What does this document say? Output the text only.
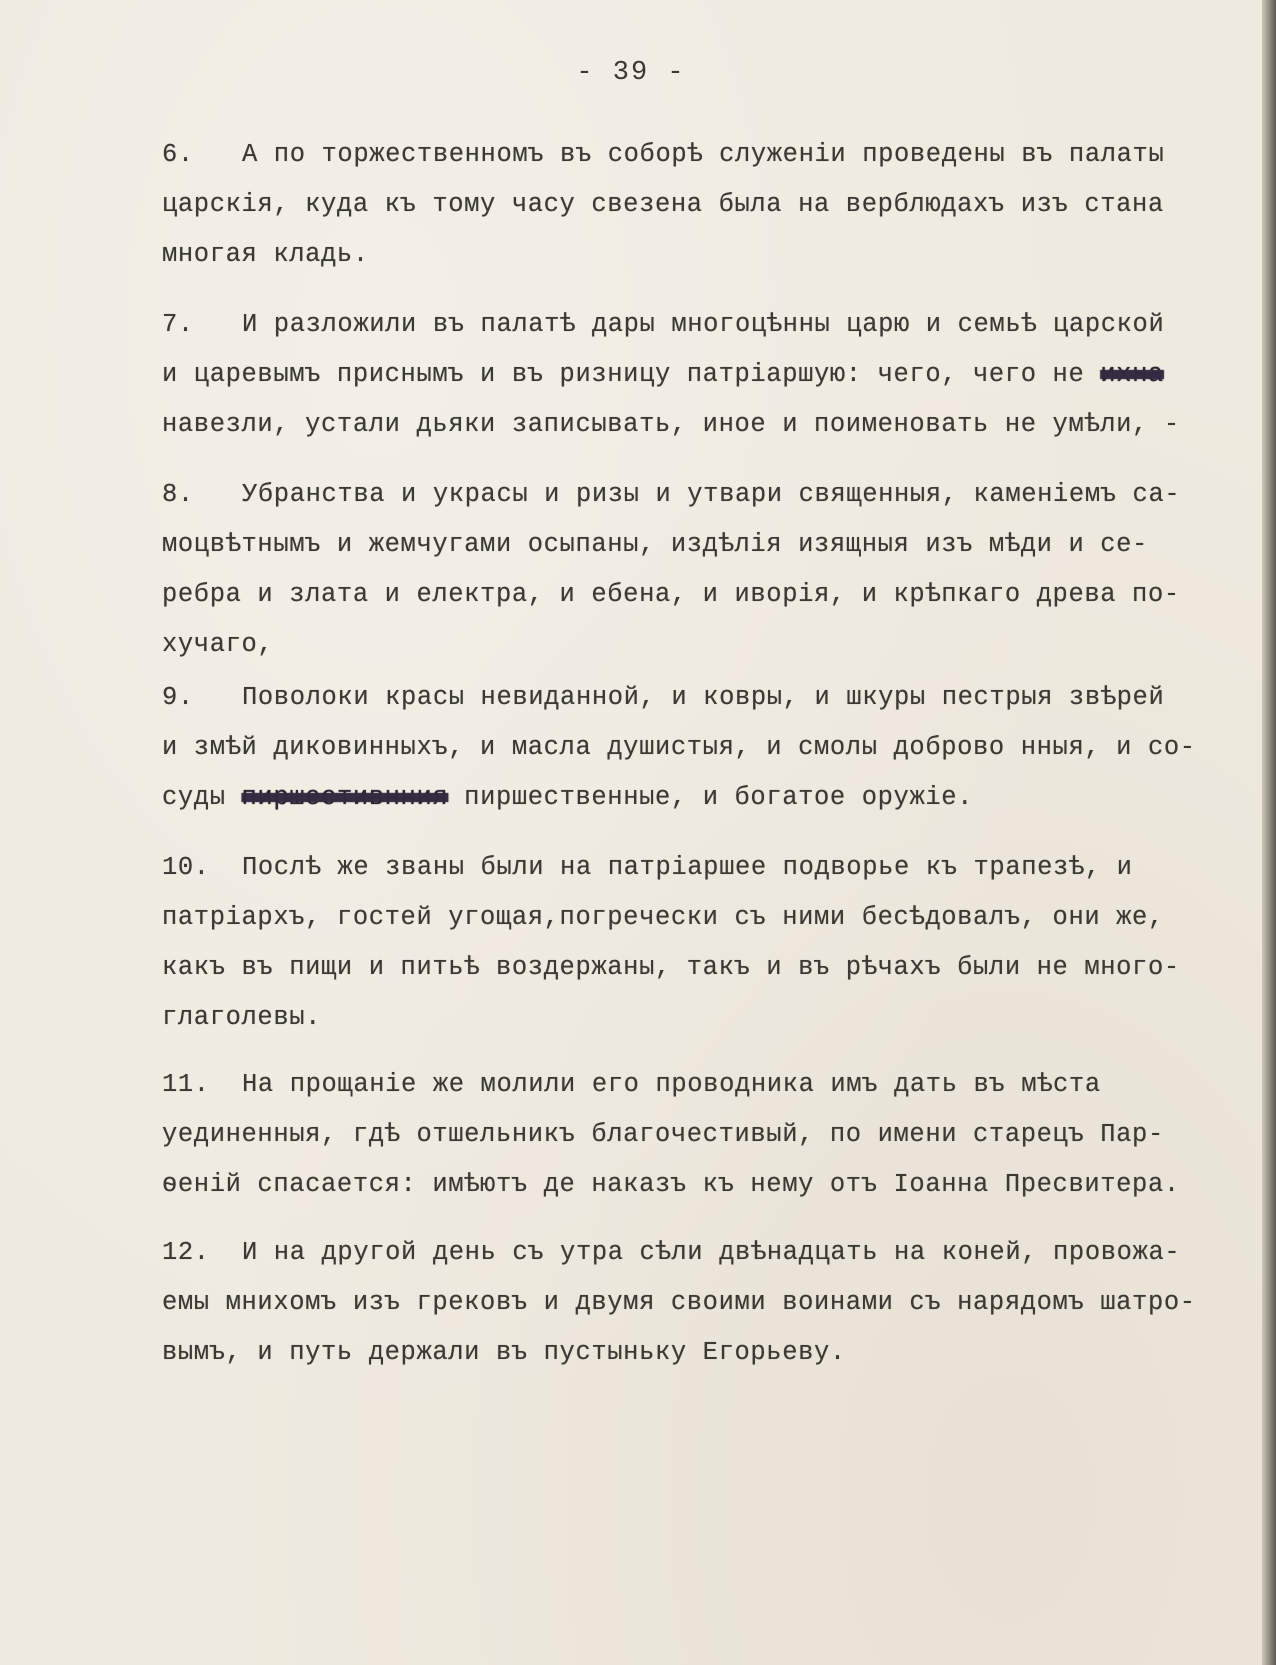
- 39 -
6. А по торжественномъ въ соборѣ служеніи проведены въ палаты
царскія, куда къ тому часу свезена была на верблюдахъ изъ стана
многая кладь.
7. И разложили въ палатѣ дары многоцѣнны царю и семьѣ царской
и царевымъ приснымъ и въ ризницу патріаршую: чего, чего не ихна
навезли, устали дьяки записывать, иное и поименовать не умѣли, -
8. Убранства и украсы и ризы и утвари священныя, каменіемъ са-
моцвѣтнымъ и жемчугами осыпаны, издѣлія изящныя изъ мѣди и се-
ребра и злата и електра, и ебена, и иворія, и крѣпкаго древа по-
хучаго,
9. Поволоки красы невиданной, и ковры, и шкуры пестрыя звѣрей
и змѣй диковинныхъ, и масла душистыя, и смолы доброво нныя, и со-
суды пиршестивнния пиршественные, и богатое оружіе.
10. Послѣ же званы были на патріаршее подворье къ трапезѣ, и
патріархъ, гостей угощая,погречески съ ними бесѣдовалъ, они же,
какъ въ пищи и питьѣ воздержаны, такъ и въ рѣчахъ были не много-
глаголевы.
11. На прощаніе же молили его проводника имъ дать въ мѣста
уединенныя, гдѣ отшельникъ благочестивый, по имени старецъ Пар-
ѳеній спасается: имѣютъ де наказъ къ нему отъ Іоанна Пресвитера.
12. И на другой день съ утра сѣли двѣнадцать на коней, провожа-
емы мнихомъ изъ грековъ и двумя своими воинами съ нарядомъ шатро-
вымъ, и путь держали въ пустыньку Егорьеву.
